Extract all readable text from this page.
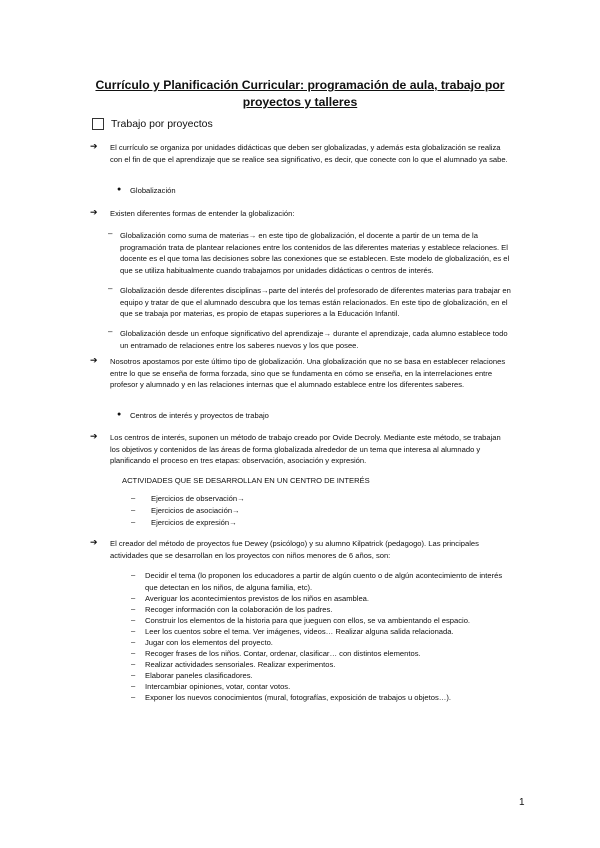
Currículo y Planificación Curricular: programación de aula, trabajo por proyectos y talleres
Trabajo por proyectos
➔ El currículo se organiza por unidades didácticas que deben ser globalizadas, y además esta globalización se realiza con el fin de que el aprendizaje que se realice sea significativo, es decir, que conecte con lo que el alumnado ya sabe.
● Globalización
➔ Existen diferentes formas de entender la globalización:
– Globalización como suma de materias→ en este tipo de globalización, el docente a partir de un tema de la programación trata de plantear relaciones entre los contenidos de las diferentes materias y establece relaciones. El docente es el que toma las decisiones sobre las conexiones que se establecen. Este modelo de globalización, es el que se utiliza habitualmente cuando trabajamos por unidades didácticas o centros de interés.
– Globalización desde diferentes disciplinas→parte del interés del profesorado de diferentes materias para trabajar en equipo y tratar de que el alumnado descubra que los temas están relacionados. En este tipo de globalización, en el que se trabaja por materias, es propio de etapas superiores a la Educación Infantil.
– Globalización desde un enfoque significativo del aprendizaje→ durante el aprendizaje, cada alumno establece todo un entramado de relaciones entre los saberes nuevos y los que posee.
➔ Nosotros apostamos por este último tipo de globalización. Una globalización que no se basa en establecer relaciones entre lo que se enseña de forma forzada, sino que se fundamenta en cómo se enseña, en la interrelaciones entre profesor y alumnado y en las relaciones internas que el alumnado establece entre los diferentes saberes.
● Centros de interés y proyectos de trabajo
➔ Los centros de interés, suponen un método de trabajo creado por Ovide Decroly. Mediante este método, se trabajan los objetivos y contenidos de las áreas de forma globalizada alrededor de un tema que interesa al alumnado y planificando el proceso en tres etapas: observación, asociación y expresión.
ACTIVIDADES QUE SE DESARROLLAN EN UN CENTRO DE INTERÉS
– Ejercicios de observación→
– Ejercicios de asociación→
– Ejercicios de expresión→
➔ El creador del método de proyectos fue Dewey (psicólogo) y su alumno Kilpatrick (pedagogo). Las principales actividades que se desarrollan en los proyectos con niños menores de 6 años, son:
– Decidir el tema (lo proponen los educadores a partir de algún cuento o de algún acontecimiento de interés que detectan en los niños, de alguna familia, etc).
– Averiguar los acontecimientos previstos de los niños en asamblea.
– Recoger información con la colaboración de los padres.
– Construir los elementos de la historia para que jueguen con ellos, se va ambientando el espacio.
– Leer los cuentos sobre el tema. Ver imágenes, videos… Realizar alguna salida relacionada.
– Jugar con los elementos del proyecto.
– Recoger frases de los niños. Contar, ordenar, clasificar… con distintos elementos.
– Realizar actividades sensoriales. Realizar experimentos.
– Elaborar paneles clasificadores.
– Intercambiar opiniones, votar, contar votos.
– Exponer los nuevos conocimientos (mural, fotografías, exposición de trabajos u objetos…).
1
